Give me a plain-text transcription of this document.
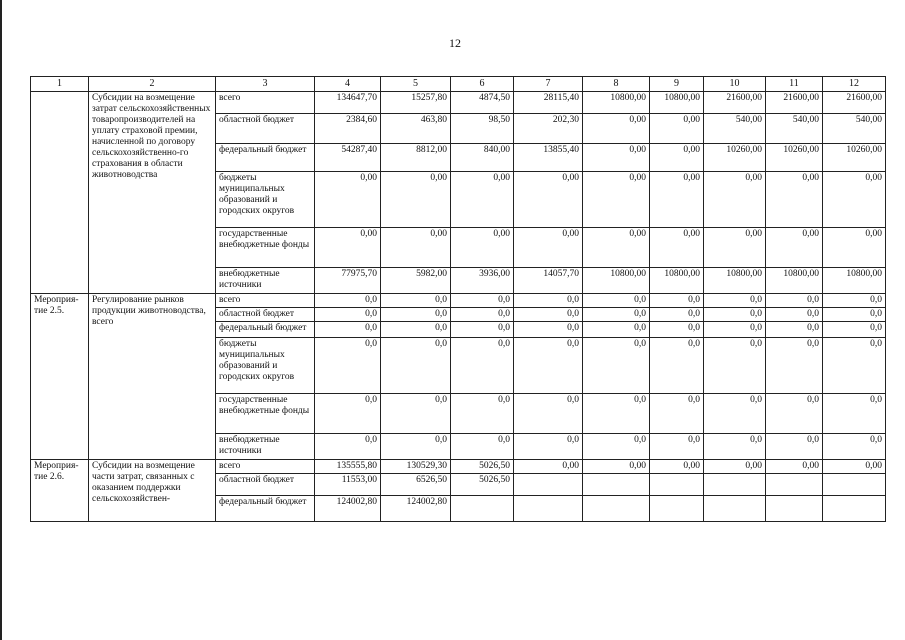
12
1	2	3	4	5	6	7	8	9	10	11	12
	Субсидии на возмещение затрат сельскохозяйственных товаропроизводителей на уплату страховой премии, начисленной по договору сельскохозяйственно-го страхования в области животноводства	всего	134647,70	15257,80	4874,50	28115,40	10800,00	10800,00	21600,00	21600,00	21600,00
		областной бюджет	2384,60	463,80	98,50	202,30	0,00	0,00	540,00	540,00	540,00
		федеральный бюджет	54287,40	8812,00	840,00	13855,40	0,00	0,00	10260,00	10260,00	10260,00
		бюджеты муниципальных образований и городских округов	0,00	0,00	0,00	0,00	0,00	0,00	0,00	0,00	0,00
		государственные внебюджетные фонды	0,00	0,00	0,00	0,00	0,00	0,00	0,00	0,00	0,00
		внебюджетные источники	77975,70	5982,00	3936,00	14057,70	10800,00	10800,00	10800,00	10800,00	10800,00
Мероприя-тие 2.5.	Регулирование рынков продукции животноводства, всего	всего	0,0	0,0	0,0	0,0	0,0	0,0	0,0	0,0	0,0
		областной бюджет	0,0	0,0	0,0	0,0	0,0	0,0	0,0	0,0	0,0
		федеральный бюджет	0,0	0,0	0,0	0,0	0,0	0,0	0,0	0,0	0,0
		бюджеты муниципальных образований и городских округов	0,0	0,0	0,0	0,0	0,0	0,0	0,0	0,0	0,0
		государственные внебюджетные фонды	0,0	0,0	0,0	0,0	0,0	0,0	0,0	0,0	0,0
		внебюджетные источники	0,0	0,0	0,0	0,0	0,0	0,0	0,0	0,0	0,0
Мероприя-тие 2.6.	Субсидии на возмещение части затрат, связанных с оказанием поддержки сельскохозяйствен-	всего	135555,80	130529,30	5026,50	0,00	0,00	0,00	0,00	0,00	0,00
		областной бюджет	11553,00	6526,50	5026,50						
		федеральный бюджет	124002,80	124002,80							
